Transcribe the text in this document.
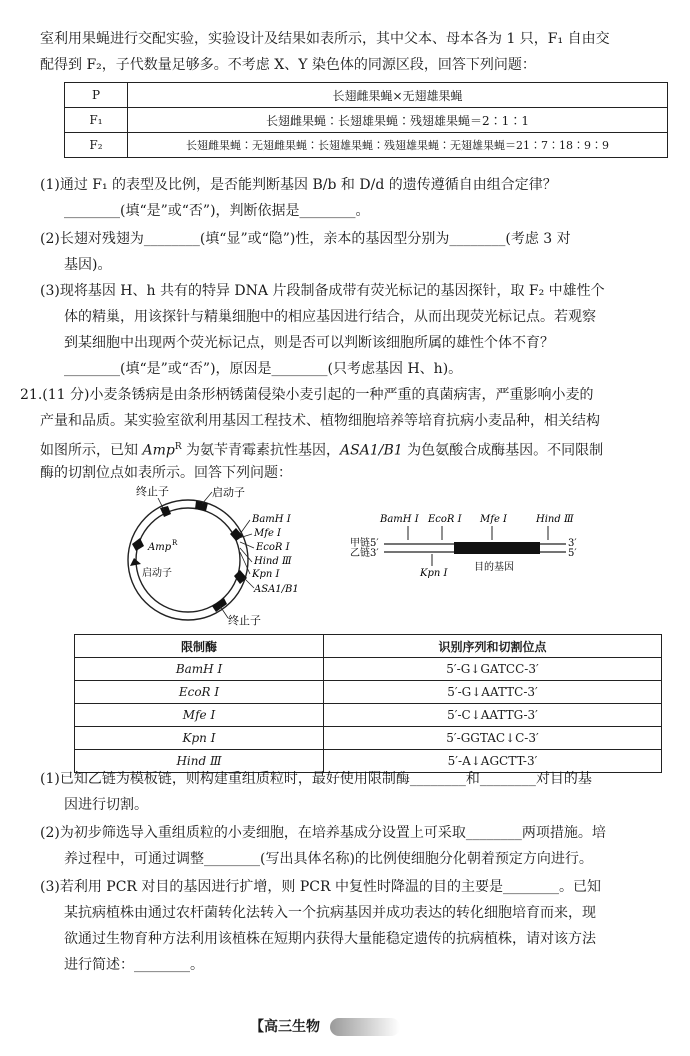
室利用果蝇进行交配实验，实验设计及结果如表所示，其中父本、母本各为 1 只，F₁ 自由交

配得到 F₂，子代数量足够多。不考虑 X、Y 染色体的同源区段，回答下列问题：

P	长翅雌果蝇×无翅雄果蝇
F₁	长翅雌果蝇∶长翅雄果蝇∶残翅雄果蝇＝2∶1∶1
F₂	长翅雌果蝇∶无翅雌果蝇∶长翅雄果蝇∶残翅雄果蝇∶无翅雄果蝇＝21∶7∶18∶9∶9

(1)通过 F₁ 的表型及比例，是否能判断基因 B/b 和 D/d 的遗传遵循自由组合定律？

________(填“是”或“否”)，判断依据是________。

(2)长翅对残翅为________(填“显”或“隐”)性，亲本的基因型分别为________(考虑 3 对

基因)。

(3)现将基因 H、h 共有的特异 DNA 片段制备成带有荧光标记的基因探针，取 F₂ 中雄性个

体的精巢，用该探针与精巢细胞中的相应基因进行结合，从而出现荧光标记点。若观察

到某细胞中出现两个荧光标记点，则是否可以判断该细胞所属的雄性个体不育？

________(填“是”或“否”)，原因是________(只考虑基因 H、h)。

21.(11 分)小麦条锈病是由条形柄锈菌侵染小麦引起的一种严重的真菌病害，严重影响小麦的

产量和品质。某实验室欲利用基因工程技术、植物细胞培养等培育抗病小麦品种，相关结构

如图所示，已知 Amp$^R$ 为氨苄青霉素抗性基因，ASA1/B1 为色氨酸合成酶基因。不同限制

酶的切割位点如表所示。回答下列问题：

终止子	启动子
BamH Ⅰ
Mfe Ⅰ
EcoR Ⅰ
Hind Ⅲ
Kpn Ⅰ
ASA1/B1
终止子
Amp R
启动子
BamH Ⅰ EcoR Ⅰ Mfe Ⅰ	Hind Ⅲ
甲链5′
乙链3′
3′
5′
Kpn Ⅰ
目的基因
限制酶	识别序列和切割位点
BamH Ⅰ	5′-G↓GATCC-3′
EcoR Ⅰ	5′-G↓AATTC-3′
Mfe Ⅰ	5′-C↓AATTG-3′
Kpn Ⅰ	5′-GGTAC↓C-3′
Hind Ⅲ	5′-A↓AGCTT-3′

(1)已知乙链为模板链，则构建重组质粒时，最好使用限制酶________和________对目的基

因进行切割。

(2)为初步筛选导入重组质粒的小麦细胞，在培养基成分设置上可采取________两项措施。培

养过程中，可通过调整________(写出具体名称)的比例使细胞分化朝着预定方向进行。

(3)若利用 PCR 对目的基因进行扩增，则 PCR 中复性时降温的目的主要是________。已知

某抗病植株由通过农杆菌转化法转入一个抗病基因并成功表达的转化细胞培育而来，现

欲通过生物育种方法利用该植株在短期内获得大量能稳定遗传的抗病植株，请对该方法

进行简述：________。

【高三生物
